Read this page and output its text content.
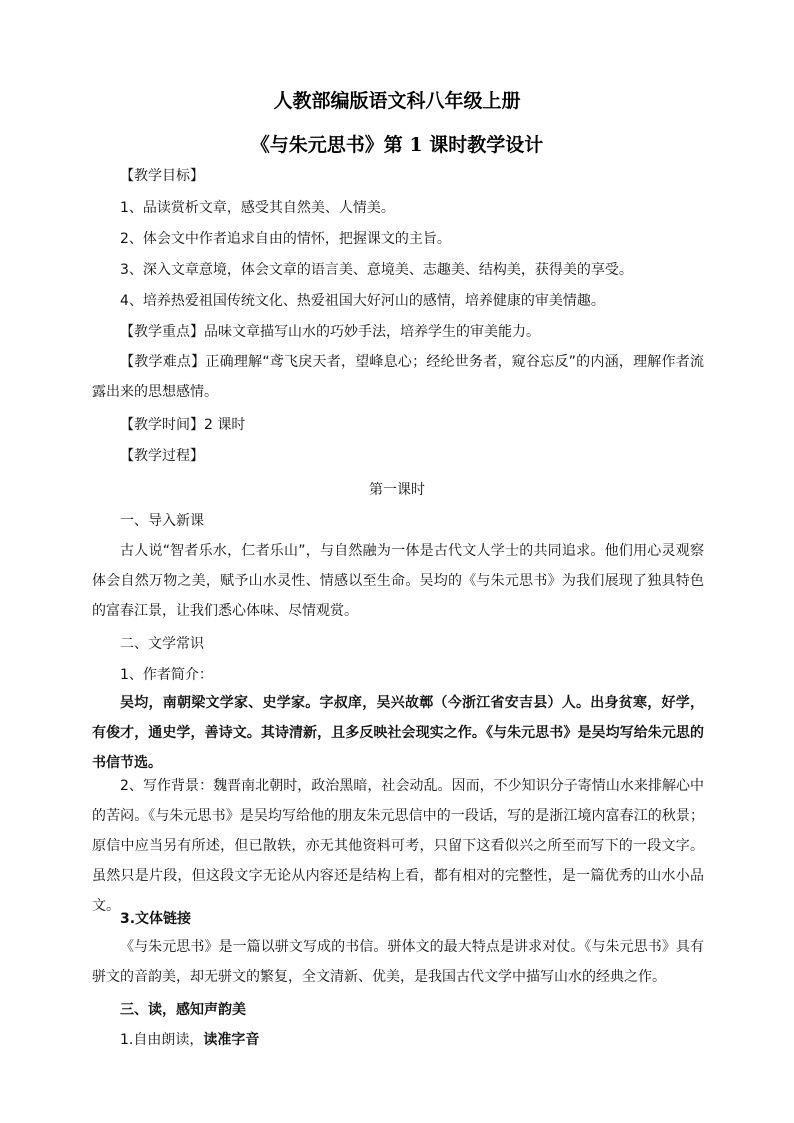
人教部编版语文科八年级上册
《与朱元思书》第 1 课时教学设计
【教学目标】
1、品读赏析文章，感受其自然美、人情美。
2、体会文中作者追求自由的情怀，把握课文的主旨。
3、深入文章意境，体会文章的语言美、意境美、志趣美、结构美，获得美的享受。
4、培养热爱祖国传统文化、热爱祖国大好河山的感情，培养健康的审美情趣。
【教学重点】品味文章描写山水的巧妙手法，培养学生的审美能力。
【教学难点】正确理解“鸢飞戾天者，望峰息心；经纶世务者，窥谷忘反”的内涵，理解作者流露出来的思想感情。
【教学时间】2 课时
【教学过程】
第一课时
一、导入新课
古人说“智者乐水，仁者乐山”，与自然融为一体是古代文人学士的共同追求。他们用心灵观察体会自然万物之美，赋予山水灵性、情感以至生命。吴均的《与朱元思书》为我们展现了独具特色的富春江景，让我们悉心体味、尽情观赏。
二、文学常识
1、作者简介：
吴均，南朝梁文学家、史学家。字叔庠，吴兴故鄣（今浙江省安吉县）人。出身贫寒，好学，有俊才，通史学，善诗文。其诗清新，且多反映社会现实之作。《与朱元思书》是吴均写给朱元思的书信节选。
2、写作背景：魏晋南北朝时，政治黑暗，社会动乱。因而，不少知识分子寄情山水来排解心中的苦闷。《与朱元思书》是吴均写给他的朋友朱元思信中的一段话，写的是浙江境内富春江的秋景；原信中应当另有所述，但已散轶，亦无其他资料可考，只留下这看似兴之所至而写下的一段文字。虽然只是片段，但这段文字无论从内容还是结构上看，都有相对的完整性，是一篇优秀的山水小品文。
3.文体链接
《与朱元思书》是一篇以骈文写成的书信。骈体文的最大特点是讲求对仗。《与朱元思书》具有骈文的音韵美，却无骈文的繁复，全文清新、优美，是我国古代文学中描写山水的经典之作。
三、读，感知声韵美
1.自由朗读，读准字音
